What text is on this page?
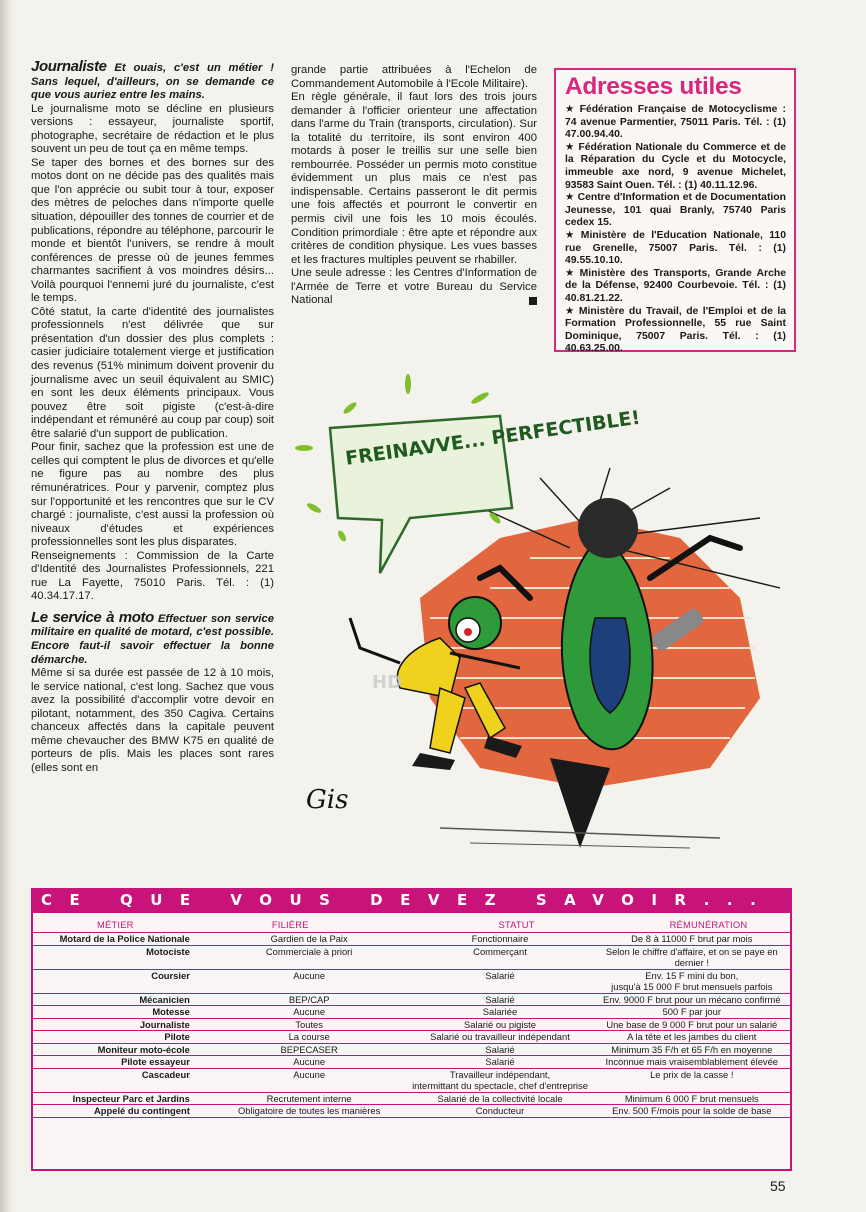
Journaliste Et ouais, c'est un métier ! Sans lequel, d'ailleurs, on se demande ce que vous auriez entre les mains.

Le journalisme moto se décline en plusieurs versions : essayeur, journaliste sportif, photographe, secrétaire de rédaction et le plus souvent un peu de tout ça en même temps.

Se taper des bornes et des bornes sur des motos dont on ne décide pas des qualités mais que l'on apprécie ou subit tour à tour, exposer des mètres de peloches dans n'importe quelle situation, dépouiller des tonnes de courrier et de publications, répondre au téléphone, parcourir le monde et bientôt l'univers, se rendre à moult conférences de presse où de jeunes femmes charmantes sacrifient à vos moindres désirs... Voilà pourquoi l'ennemi juré du journaliste, c'est le temps.

Côté statut, la carte d'identité des journalistes professionnels n'est délivrée que sur présentation d'un dossier des plus complets : casier judiciaire totalement vierge et justification des revenus (51% minimum doivent provenir du journalisme avec un seuil équivalent au SMIC) en sont les deux éléments principaux. Vous pouvez être soit pigiste (c'est-à-dire indépendant et rémunéré au coup par coup) soit être salarié d'un support de publication.

Pour finir, sachez que la profession est une de celles qui comptent le plus de divorces et qu'elle ne figure pas au nombre des plus rémunératrices. Pour y parvenir, comptez plus sur l'opportunité et les rencontres que sur le CV chargé : journaliste, c'est aussi la profession où niveaux d'études et expériences professionnelles sont les plus disparates.

Renseignements : Commission de la Carte d'Identité des Journalistes Professionnels, 221 rue La Fayette, 75010 Paris. Tél. : (1) 40.34.17.17.

Le service à moto Effectuer son service militaire en qualité de motard, c'est possible. Encore faut-il savoir effectuer la bonne démarche.

Même si sa durée est passée de 12 à 10 mois, le service national, c'est long. Sachez que vous avez la possibilité d'accomplir votre devoir en pilotant, notamment, des 350 Cagiva. Certains chanceux affectés dans la capitale peuvent même chevaucher des BMW K75 en qualité de porteurs de plis. Mais les places sont rares (elles sont en

grande partie attribuées à l'Echelon de Commandement Automobile à l'Ecole Militaire).

En règle générale, il faut lors des trois jours demander à l'officier orienteur une affectation dans l'arme du Train (transports, circulation). Sur la totalité du territoire, ils sont environ 400 motards à poser le treillis sur une selle bien rembourrée. Posséder un permis moto constitue évidemment un plus mais ce n'est pas indispensable. Certains passeront le dit permis une fois affectés et pourront le convertir en permis civil une fois les 10 mois écoulés. Condition primordiale : être apte et répondre aux critères de condition physique. Les vues basses et les fractures multiples peuvent se rhabiller.

Une seule adresse : les Centres d'Information de l'Armée de Terre et votre Bureau du Service National

Adresses utiles
★ Fédération Française de Motocyclisme : 74 avenue Parmentier, 75011 Paris. Tél. : (1) 47.00.94.40.
★ Fédération Nationale du Commerce et de la Réparation du Cycle et du Motocycle, immeuble axe nord, 9 avenue Michelet, 93583 Saint Ouen. Tél. : (1) 40.11.12.96.
★ Centre d'Information et de Documentation Jeunesse, 101 quai Branly, 75740 Paris cedex 15.
★ Ministère de l'Education Nationale, 110 rue Grenelle, 75007 Paris. Tél. : (1) 49.55.10.10.
★ Ministère des Transports, Grande Arche de la Défense, 92400 Courbevoie. Tél. : (1) 40.81.21.22.
★ Ministère du Travail, de l'Emploi et de la Formation Professionnelle, 55 rue Saint Dominique, 75007 Paris. Tél. : (1) 40.63.25.00.
FREINAVVE... PERFECTIBLE!
HD
Gis
CE QUE VOUS DEVEZ SAVOIR...
MÉTIER	FILIÈRE	STATUT	RÉMUNÉRATION
Motard de la Police Nationale	Gardien de la Paix	Fonctionnaire	De 8 à 11000 F brut par mois
Motociste	Commerciale à priori	Commerçant	Selon le chiffre d'affaire, et on se paye en dernier !
Coursier	Aucune	Salarié	Env. 15 F mini du bon,
jusqu'à 15 000 F brut mensuels parfois

Mécanicien	BEP/CAP	Salarié	Env. 9000 F brut pour un mécano confirmé
Motesse	Aucune	Salariée	500 F par jour
Journaliste	Toutes	Salarié ou pigiste	Une base de 9 000 F brut pour un salarié
Pilote	La course	Salarié ou travailleur indépendant	A la tête et les jambes du client
Moniteur moto-école	BEPECASER	Salarié	Minimum 35 F/h et 65 F/h en moyenne
Pilote essayeur	Aucune	Salarié	Inconnue mais vraisemblablement élevée
Cascadeur	Aucune	Travailleur indépendant,
intermittant du spectacle, chef d'entreprise	Le prix de la casse !
Inspecteur Parc et Jardins	Recrutement interne	Salarié de la collectivité locale	Minimum 6 000 F brut mensuels
Appelé du contingent	Obligatoire de toutes les manières	Conducteur	Env. 500 F/mois pour la solde de base
55
